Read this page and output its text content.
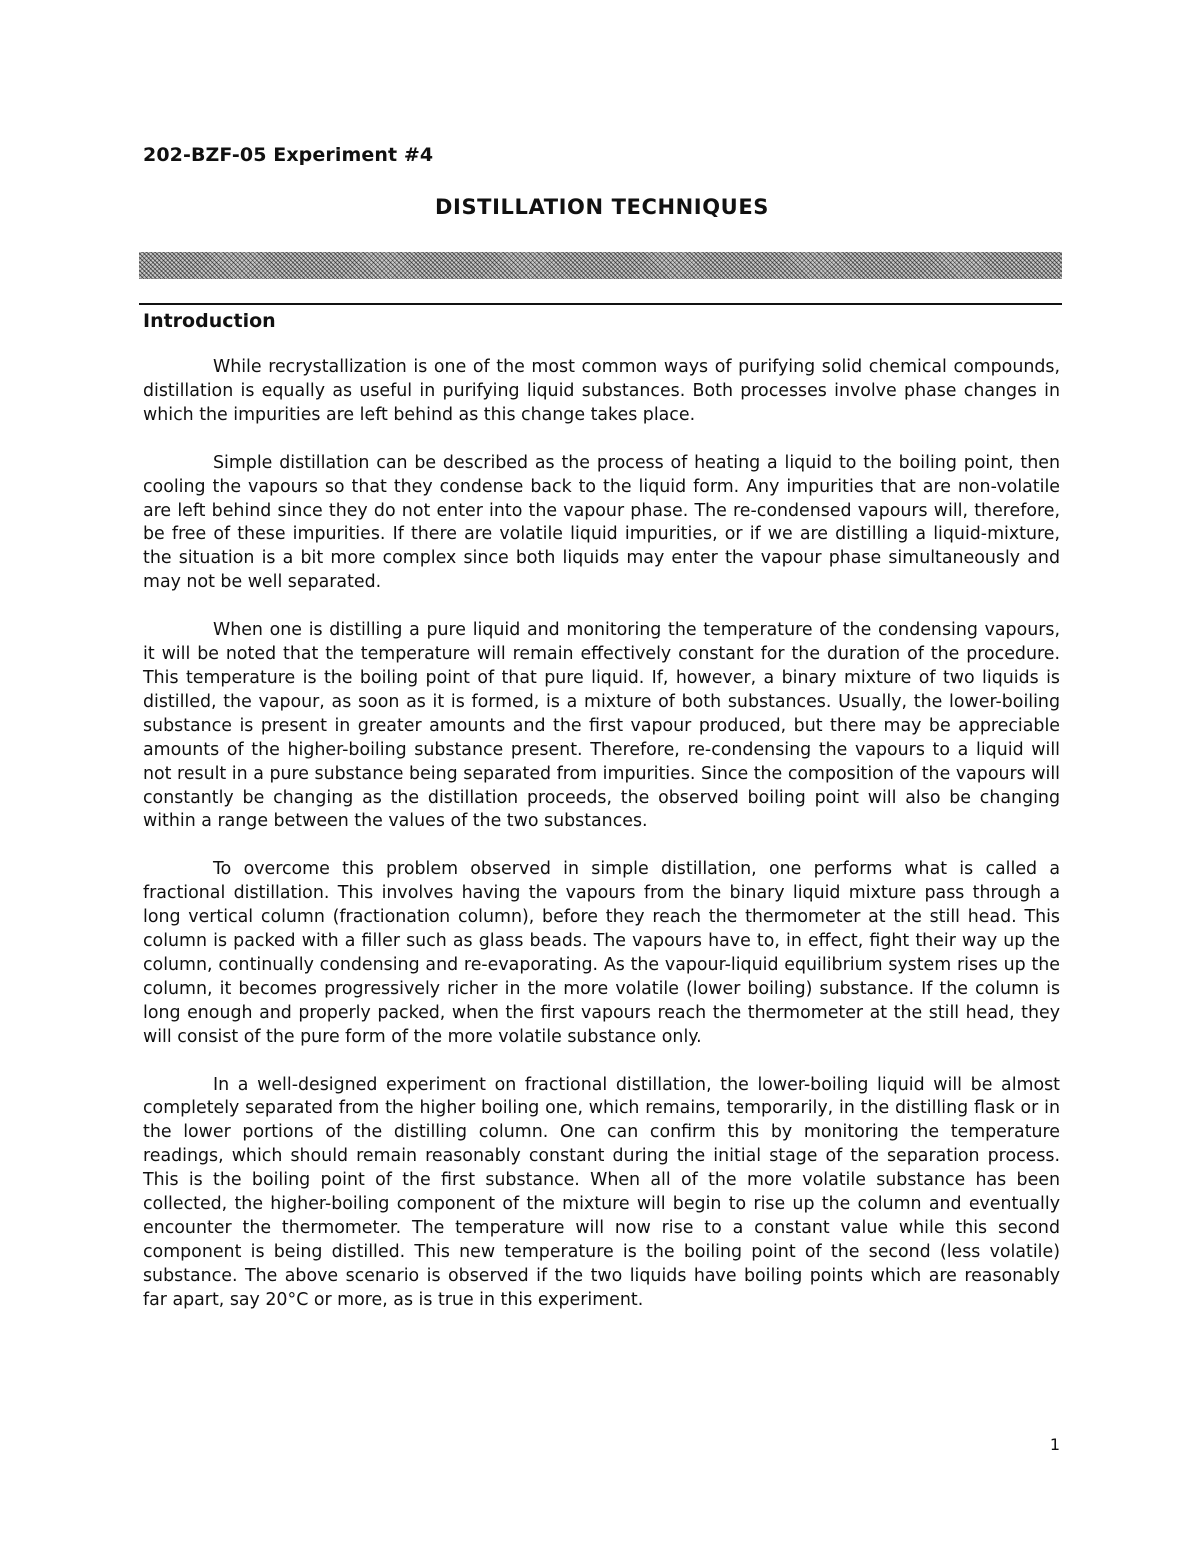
202-BZF-05 Experiment #4
DISTILLATION TECHNIQUES
Introduction

While recrystallization is one of the most common ways of purifying solid chemical compounds, distillation is equally as useful in purifying liquid substances. Both processes involve phase changes in which the impurities are left behind as this change takes place.

Simple distillation can be described as the process of heating a liquid to the boiling point, then cooling the vapours so that they condense back to the liquid form. Any impurities that are non-volatile are left behind since they do not enter into the vapour phase. The re-condensed vapours will, therefore, be free of these impurities. If there are volatile liquid impurities, or if we are distilling a liquid-mixture, the situation is a bit more complex since both liquids may enter the vapour phase simultaneously and may not be well separated.

When one is distilling a pure liquid and monitoring the temperature of the condensing vapours, it will be noted that the temperature will remain effectively constant for the duration of the procedure. This temperature is the boiling point of that pure liquid. If, however, a binary mixture of two liquids is distilled, the vapour, as soon as it is formed, is a mixture of both substances. Usually, the lower-boiling substance is present in greater amounts and the first vapour produced, but there may be appreciable amounts of the higher-boiling substance present. Therefore, re-condensing the vapours to a liquid will not result in a pure substance being separated from impurities. Since the composition of the vapours will constantly be changing as the distillation proceeds, the observed boiling point will also be changing within a range between the values of the two substances.

To overcome this problem observed in simple distillation, one performs what is called a fractional distillation. This involves having the vapours from the binary liquid mixture pass through a long vertical column (fractionation column), before they reach the thermometer at the still head. This column is packed with a filler such as glass beads. The vapours have to, in effect, fight their way up the column, continually condensing and re-evaporating. As the vapour-liquid equilibrium system rises up the column, it becomes progressively richer in the more volatile (lower boiling) substance. If the column is long enough and properly packed, when the first vapours reach the thermometer at the still head, they will consist of the pure form of the more volatile substance only.

In a well-designed experiment on fractional distillation, the lower-boiling liquid will be almost completely separated from the higher boiling one, which remains, temporarily, in the distilling flask or in the lower portions of the distilling column. One can confirm this by monitoring the temperature readings, which should remain reasonably constant during the initial stage of the separation process. This is the boiling point of the first substance. When all of the more volatile substance has been collected, the higher-boiling component of the mixture will begin to rise up the column and eventually encounter the thermometer. The temperature will now rise to a constant value while this second component is being distilled. This new temperature is the boiling point of the second (less volatile) substance. The above scenario is observed if the two liquids have boiling points which are reasonably far apart, say 20°C or more, as is true in this experiment.

1
